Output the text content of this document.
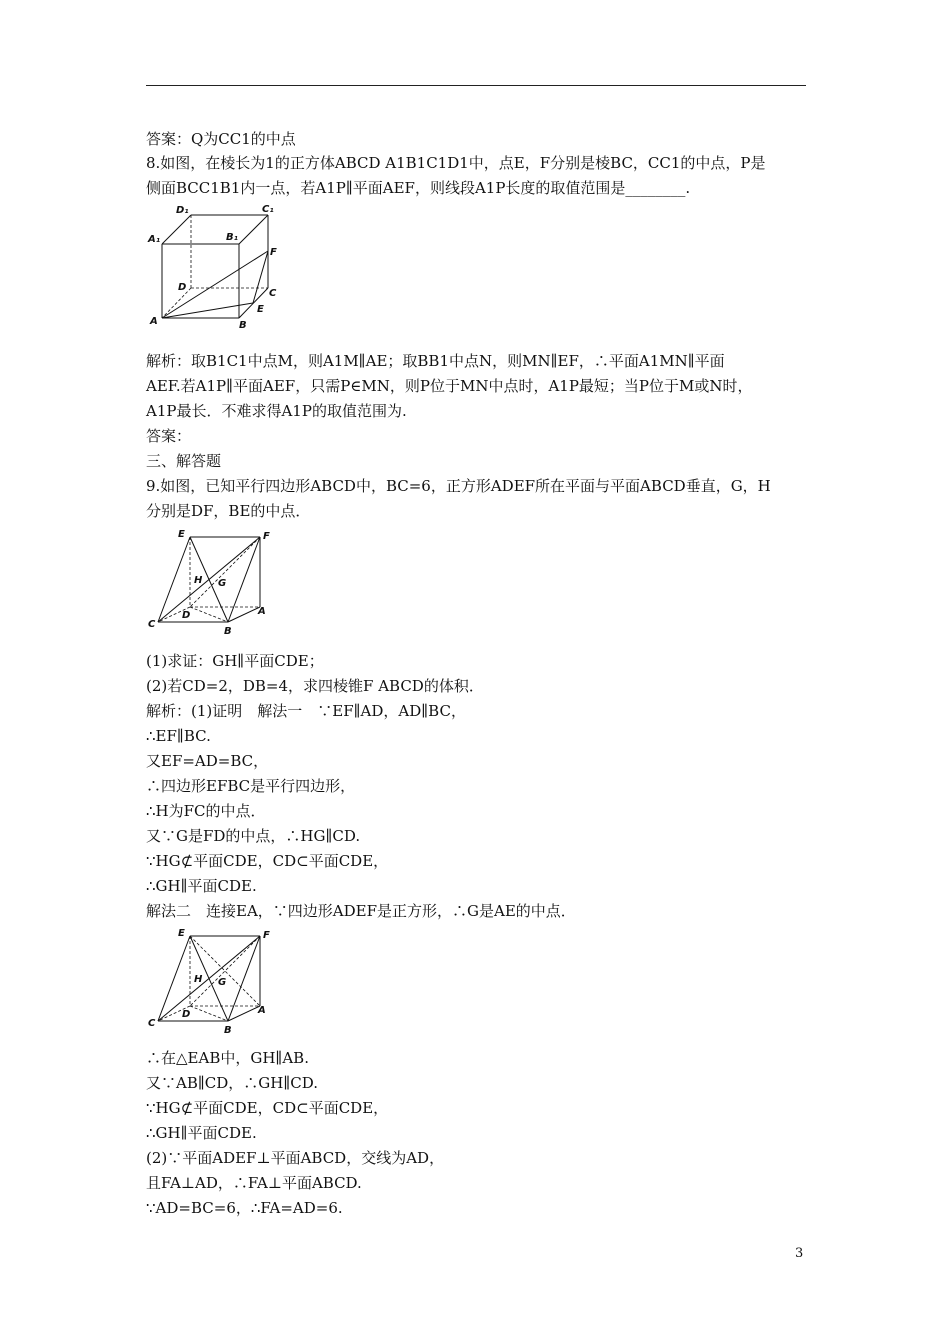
答案：Q为CC1的中点
8.如图，在棱长为1的正方体ABCD A1B1C1D1中，点E，F分别是棱BC，CC1的中点，P是
侧面BCC1B1内一点，若A1P∥平面AEF，则线段A1P长度的取值范围是________.
D₁	C₁
A₁	B₁
F
D
C
A
E
B
解析：取B1C1中点M，则A1M∥AE；取BB1中点N，则MN∥EF，∴平面A1MN∥平面
AEF.若A1P∥平面AEF，只需P∈MN，则P位于MN中点时，A1P最短；当P位于M或N时，
A1P最长．不难求得A1P的取值范围为.
答案：
三、解答题
9.如图，已知平行四边形ABCD中，BC=6，正方形ADEF所在平面与平面ABCD垂直，G，H
分别是DF，BE的中点．
E	F
H G
C
D	A
B
(1)求证：GH∥平面CDE；
(2)若CD=2，DB=4，求四棱锥F ABCD的体积．
解析：(1)证明　解法一　∵EF∥AD，AD∥BC，
∴EF∥BC.
又EF=AD=BC，
∴四边形EFBC是平行四边形，
∴H为FC的中点．
又∵G是FD的中点，∴HG∥CD.
∵HG⊄平面CDE，CD⊂平面CDE，
∴GH∥平面CDE.
解法二　连接EA，∵四边形ADEF是正方形，∴G是AE的中点．
E	F
H G
C
D	A
B
∴在△EAB中，GH∥AB.
又∵AB∥CD，∴GH∥CD.
∵HG⊄平面CDE，CD⊂平面CDE，
∴GH∥平面CDE.
(2)∵平面ADEF⊥平面ABCD，交线为AD，
且FA⊥AD，∴FA⊥平面ABCD.
∵AD=BC=6，∴FA=AD=6.
3
